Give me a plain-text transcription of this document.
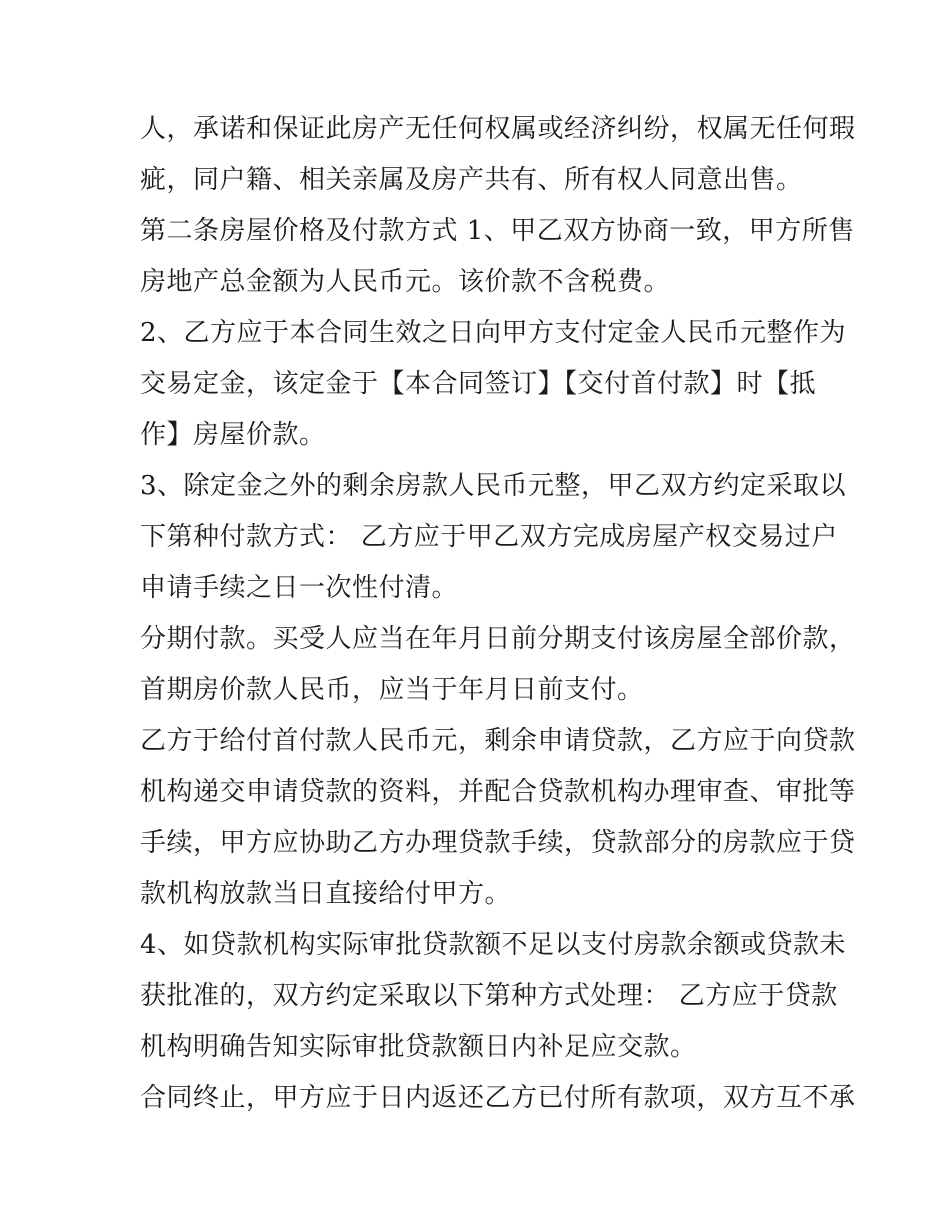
人，承诺和保证此房产无任何权属或经济纠纷，权属无任何瑕
疵，同户籍、相关亲属及房产共有、所有权人同意出售。
第二条房屋价格及付款方式 1、甲乙双方协商一致，甲方所售
房地产总金额为人民币元。该价款不含税费。
2、乙方应于本合同生效之日向甲方支付定金人民币元整作为
交易定金，该定金于【本合同签订】【交付首付款】时【抵
作】房屋价款。
3、除定金之外的剩余房款人民币元整，甲乙双方约定采取以
下第种付款方式： 乙方应于甲乙双方完成房屋产权交易过户
申请手续之日一次性付清。
分期付款。买受人应当在年月日前分期支付该房屋全部价款，
首期房价款人民币，应当于年月日前支付。
乙方于给付首付款人民币元，剩余申请贷款，乙方应于向贷款
机构递交申请贷款的资料，并配合贷款机构办理审查、审批等
手续，甲方应协助乙方办理贷款手续，贷款部分的房款应于贷
款机构放款当日直接给付甲方。
4、如贷款机构实际审批贷款额不足以支付房款余额或贷款未
获批准的，双方约定采取以下第种方式处理： 乙方应于贷款
机构明确告知实际审批贷款额日内补足应交款。
合同终止，甲方应于日内返还乙方已付所有款项，双方互不承
